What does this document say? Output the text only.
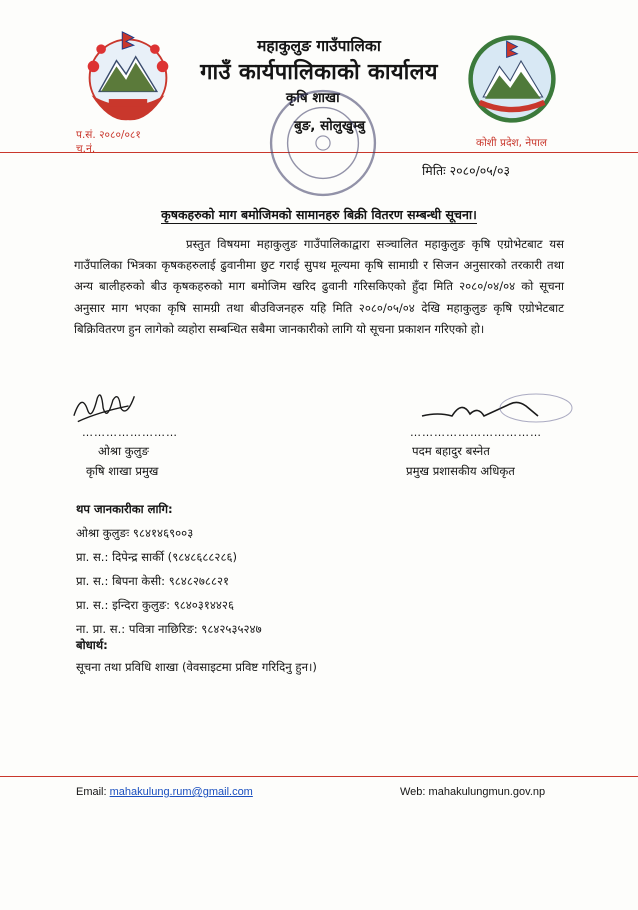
महाकुलुङ गाउँपालिका
गाउँ कार्यपालिकाको कार्यालय
कृषि शाखा
बुङ, सोलुखुम्बु
प.सं. २०८०/०८१
च.नं.	कोशी प्रदेश, नेपाल
मितिः २०८०/०५/०३
कृषकहरुको माग बमोजिमको सामानहरु बिक्री वितरण सम्बन्धी सूचना।
प्रस्तुत विषयमा महाकुलुङ गाउँपालिकाद्वारा सञ्चालित महाकुलुङ कृषि एग्रोभेटबाट यस गाउँपालिका भित्रका कृषकहरुलाई ढुवानीमा छुट गराई सुपथ मूल्यमा कृषि सामाग्री र सिजन अनुसारको तरकारी तथा अन्य बालीहरुको बीउ कृषकहरुको माग बमोजिम खरिद ढुवानी गरिसकिएको हुँदा मिति २०८०/०४/०४ को सूचना अनुसार माग भएका कृषि सामग्री तथा बीउविजनहरु यहि मिति २०८०/०५/०४ देखि महाकुलुङ कृषि एग्रोभेटबाट बिक्रिवितरण हुन लागेको व्यहोरा सम्बन्धित सबैमा जानकारीको लागि यो सूचना प्रकाशन गरिएको हो।
……………………
ओश्रा कुलुङ
कृषि शाखा प्रमुख
……………………………
पदम बहादुर बस्नेत
प्रमुख प्रशासकीय अधिकृत
थप जानकारीका लागि:
ओश्रा कुलुङः ९८४१४६९००३
प्रा. स.: दिपेन्द्र सार्की (९८४८६८८२८६)
प्रा. स.: बिपना केसी: ९८४८२७८८२१
प्रा. स.: इन्दिरा कुलुङ: ९८४०३१४४२६
ना. प्रा. स.: पवित्रा नाछिरिङ: ९८४२५३५२४७
बोधार्थ:
सूचना तथा प्रविधि शाखा (वेवसाइटमा प्रविष्ट गरिदिनु हुन।)
Email: mahakulung.rum@gmail.com	Web: mahakulungmun.gov.np
